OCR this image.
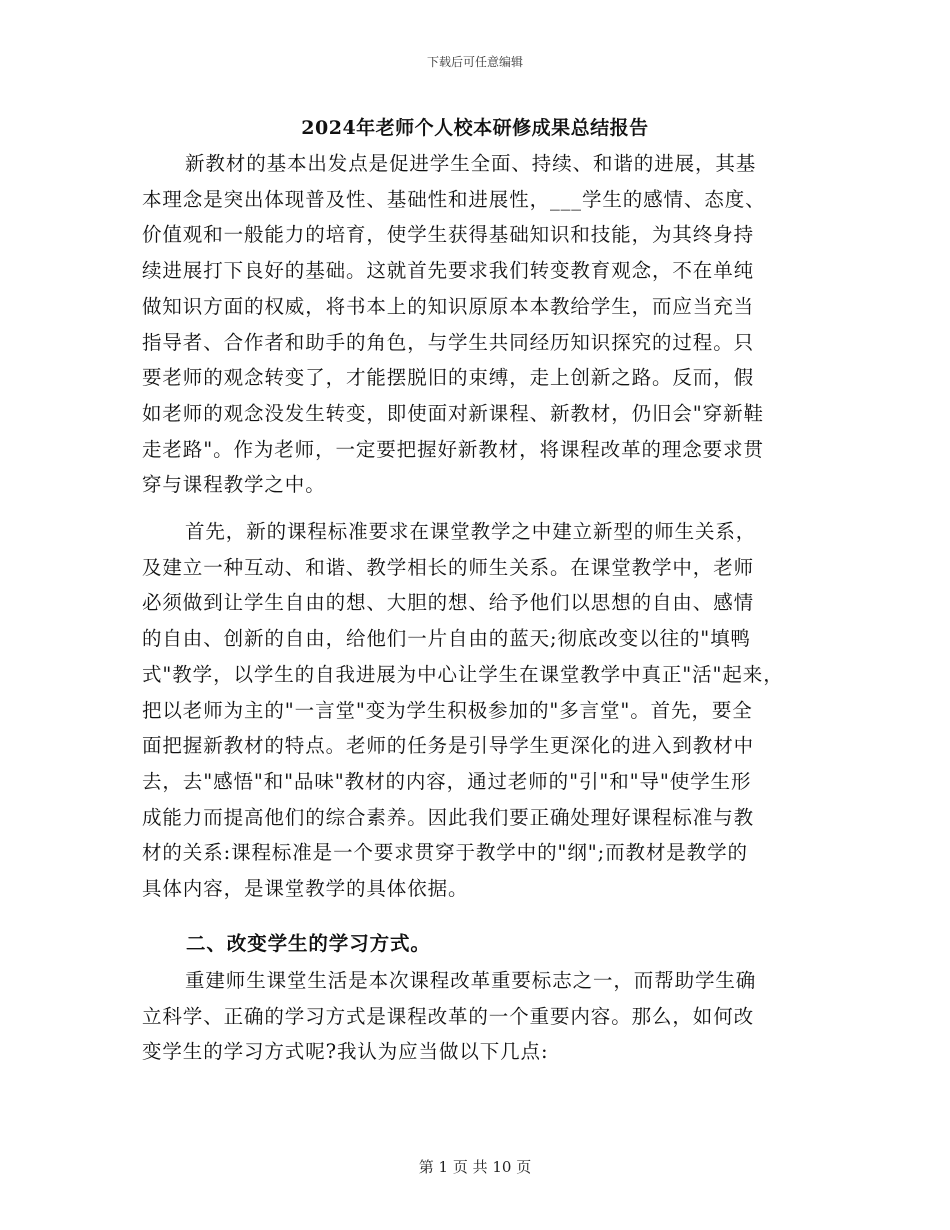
下载后可任意编辑
2024年老师个人校本研修成果总结报告
新教材的基本出发点是促进学生全面、持续、和谐的进展，其基
本理念是突出体现普及性、基础性和进展性，___学生的感情、态度、
价值观和一般能力的培育，使学生获得基础知识和技能，为其终身持
续进展打下良好的基础。这就首先要求我们转变教育观念，不在单纯
做知识方面的权威，将书本上的知识原原本本教给学生，而应当充当
指导者、合作者和助手的角色，与学生共同经历知识探究的过程。只
要老师的观念转变了，才能摆脱旧的束缚，走上创新之路。反而，假
如老师的观念没发生转变，即使面对新课程、新教材，仍旧会"穿新鞋
走老路"。作为老师，一定要把握好新教材，将课程改革的理念要求贯
穿与课程教学之中。
首先，新的课程标准要求在课堂教学之中建立新型的师生关系，
及建立一种互动、和谐、教学相长的师生关系。在课堂教学中，老师
必须做到让学生自由的想、大胆的想、给予他们以思想的自由、感情
的自由、创新的自由，给他们一片自由的蓝天;彻底改变以往的"填鸭
式"教学，以学生的自我进展为中心让学生在课堂教学中真正"活"起来，
把以老师为主的"一言堂"变为学生积极参加的"多言堂"。首先，要全
面把握新教材的特点。老师的任务是引导学生更深化的进入到教材中
去，去"感悟"和"品味"教材的内容，通过老师的"引"和"导"使学生形
成能力而提高他们的综合素养。因此我们要正确处理好课程标准与教
材的关系:课程标准是一个要求贯穿于教学中的"纲";而教材是教学的
具体内容，是课堂教学的具体依据。
二、改变学生的学习方式。
重建师生课堂生活是本次课程改革重要标志之一，而帮助学生确
立科学、正确的学习方式是课程改革的一个重要内容。那么，如何改
变学生的学习方式呢?我认为应当做以下几点:
第 1 页 共 10 页
